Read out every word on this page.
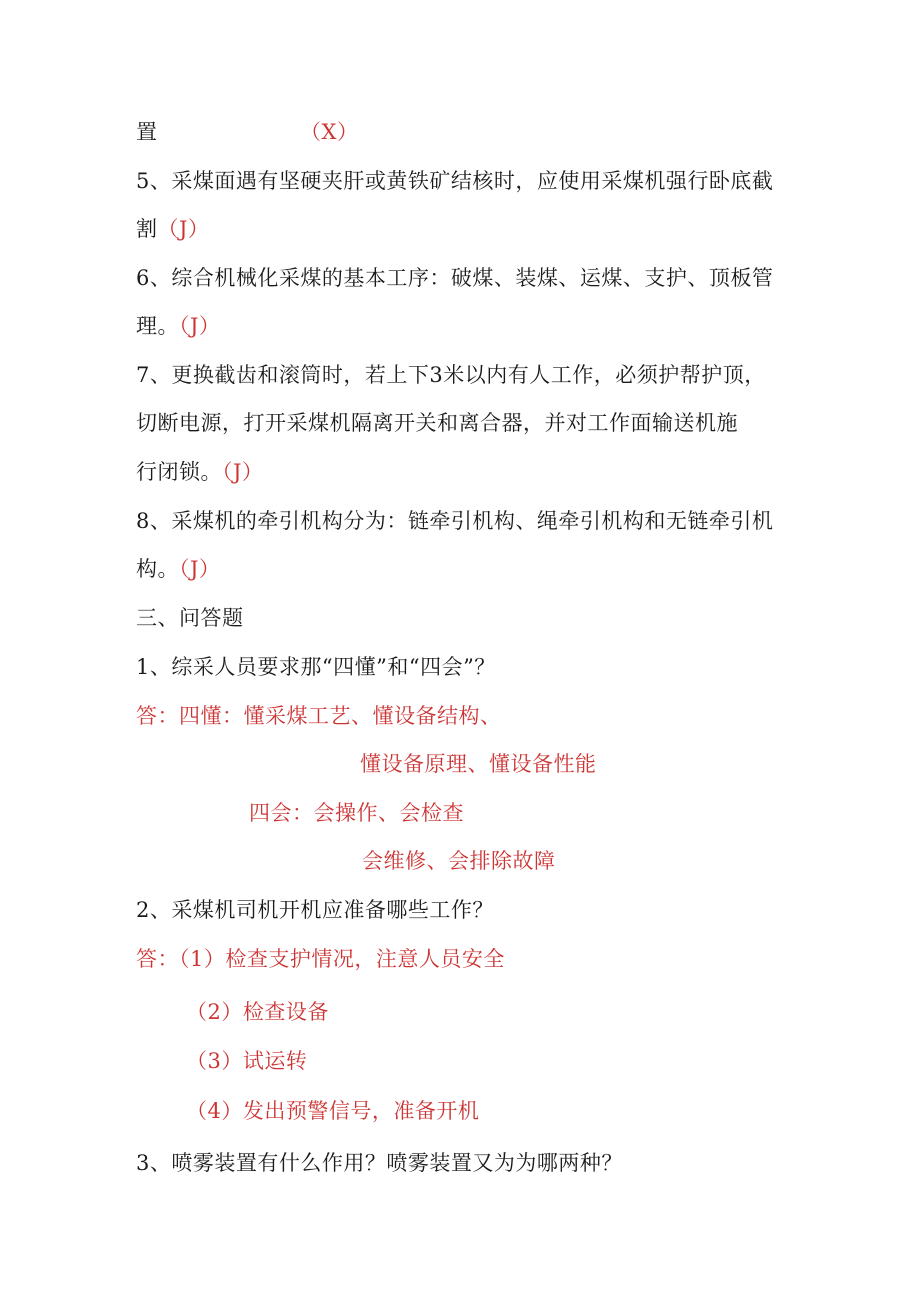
置	（X）
5、采煤面遇有坚硬夹肝或黄铁矿结核时，应使用采煤机强行卧底截
割（J）
6、综合机械化采煤的基本工序：破煤、装煤、运煤、支护、顶板管
理。（J）
7、更换截齿和滚筒时，若上下3米以内有人工作，必须护帮护顶，
切断电源，打开采煤机隔离开关和离合器，并对工作面输送机施
行闭锁。（J）
8、采煤机的牵引机构分为：链牵引机构、绳牵引机构和无链牵引机
构。（J）
三、问答题
1、综采人员要求那“四懂”和“四会”？
答：四懂：懂采煤工艺、懂设备结构、
懂设备原理、懂设备性能
四会：会操作、会检查
会维修、会排除故障
2、采煤机司机开机应准备哪些工作？
答：（1）检查支护情况，注意人员安全
（2）检查设备
（3）试运转
（4）发出预警信号，准备开机
3、喷雾装置有什么作用？喷雾装置又为为哪两种？
